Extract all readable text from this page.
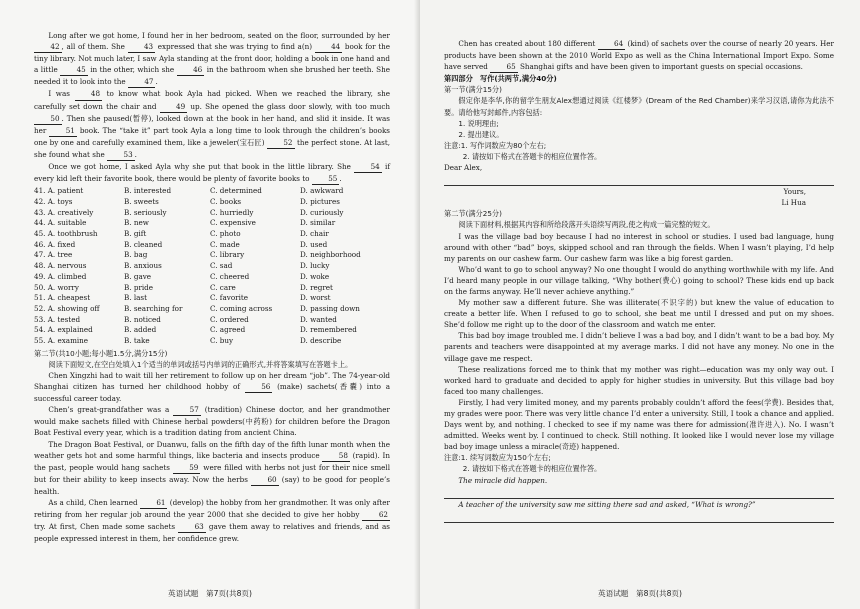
Long after we got home, I found her in her bedroom, seated on the floor, surrounded by her 42 , all of them. She	43 expressed that she was trying to find a(n)	44 book for the tiny library. Not much later, I saw Ayla standing at the front door, holding a book in one hand and a little	45 in the other, which she	46 in the bathroom when she brushed her teeth. She needed it to look into the	47 .

I was	48 to know what book Ayla had picked. When we reached the library, she carefully set down the chair and	49 up. She opened the glass door slowly, with too much 50 . Then she paused(暂停), looked down at the book in her hand, and slid it inside. It was her	51 book. The “take it” part took Ayla a long time to look through the children’s books one by one and carefully examined them, like a jeweler(宝石匠)	52 the perfect stone. At last, she found what she	53 .

Once we got home, I asked Ayla why she put that book in the little library. She	54 if every kid left their favorite book, there would be plenty of favorite books to	55 .

41. A. patient	B. interested	C. determined	D. awkward
42. A. toys	B. sweets	C. books	D. pictures
43. A. creatively	B. seriously	C. hurriedly	D. curiously
44. A. suitable	B. new	C. expensive	D. similar
45. A. toothbrush	B. gift	C. photo	D. chair
46. A. fixed	B. cleaned	C. made	D. used
47. A. tree	B. bag	C. library	D. neighborhood
48. A. nervous	B. anxious	C. sad	D. lucky
49. A. climbed	B. gave	C. cheered	D. woke
50. A. worry	B. pride	C. care	D. regret
51. A. cheapest	B. last	C. favorite	D. worst
52. A. showing off	B. searching for	C. coming across	D. passing down
53. A. tested	B. noticed	C. ordered	D. wanted
54. A. explained	B. added	C. agreed	D. remembered
55. A. examine	B. take	C. buy	D. describe

第二节(共10小题;每小题1.5分,满分15分)

阅读下面短文,在空白处填入1个适当的单词或括号内单词的正确形式,并将答案填写在答题卡上。

Chen Xingzhi had to wait till her retirement to follow up on her dream “job”. The 74-year-old Shanghai citizen has turned her childhood hobby of	56 (make) sachets(香囊) into a successful career today.

Chen’s great-grandfather was a	57 (tradition) Chinese doctor, and her grandmother would make sachets filled with Chinese herbal powders(中药粉) for children before the Dragon Boat Festival every year, which is a tradition dating from ancient China.

The Dragon Boat Festival, or Duanwu, falls on the fifth day of the fifth lunar month when the weather gets hot and some harmful things, like bacteria and insects produce	58 (rapid). In the past, people would hang sachets	59 were filled with herbs not just for their nice smell but for their ability to keep insects away. Now the herbs	60 (say) to be good for people’s health.

As a child, Chen learned	61 (develop) the hobby from her grandmother. It was only after retiring from her regular job around the year 2000 that she decided to give her hobby	62 try. At first, Chen made some sachets	63 gave them away to relatives and friends, and as people expressed interest in them, her confidence grew.

英语试题　第7页(共8页)

Chen has created about 180 different	64 (kind) of sachets over the course of nearly 20 years. Her products have been shown at the 2010 World Expo as well as the China International Import Expo. Some have served	65 Shanghai gifts and have been given to important guests on special occasions.

第四部分　写作(共两节,满分40分)

第一节(满分15分)

假定你是李华,你的留学生朋友Alex想通过阅读《红楼梦》(Dream of the Red Chamber)来学习汉语,请你为此法不要。请给他写封邮件,内容包括:

1. 说明理由;

2. 提出建议。

注意:1. 写作词数应为80个左右;

2. 请按如下格式在答题卡的相应位置作答。

Dear Alex,

Yours,

Li Hua

第二节(满分25分)

阅读下面材料,根据其内容和所给段落开头语续写两段,使之构成一篇完整的短文。

I was the village bad boy because I had no interest in school or studies. I used bad language, hung around with other “bad” boys, skipped school and ran through the fields. When I wasn’t playing, I’d help my parents on our cashew farm. Our cashew farm was like a big forest garden.

Who’d want to go to school anyway? No one thought I would do anything worthwhile with my life. And I’d heard many people in our village talking, “Why bother(费心) going to school? These kids end up back on the farms anyway. He’ll never achieve anything.”

My mother saw a different future. She was illiterate(不识字的) but knew the value of education to create a better life. When I refused to go to school, she beat me until I dressed and put on my shoes. She’d follow me right up to the door of the classroom and watch me enter.

This bad boy image troubled me. I didn’t believe I was a bad boy, and I didn’t want to be a bad boy. My parents and teachers were disappointed at my average marks. I did not have any money. No one in the village gave me respect.

These realizations forced me to think that my mother was right—education was my only way out. I worked hard to graduate and decided to apply for higher studies in university. But this village bad boy faced too many challenges.

Firstly, I had very limited money, and my parents probably couldn’t afford the fees(学费). Besides that, my grades were poor. There was very little chance I’d enter a university. Still, I took a chance and applied. Days went by, and nothing. I checked to see if my name was there for admission(准许进入). No. I wasn’t admitted. Weeks went by. I continued to check. Still nothing. It looked like I would never lose my village bad boy image unless a miracle(奇迹) happened.

注意:1. 续写词数应为150个左右;

2. 请按如下格式在答题卡的相应位置作答。

The miracle did happen.

A teacher of the university saw me sitting there sad and asked, “What is wrong?”

英语试题　第8页(共8页)
